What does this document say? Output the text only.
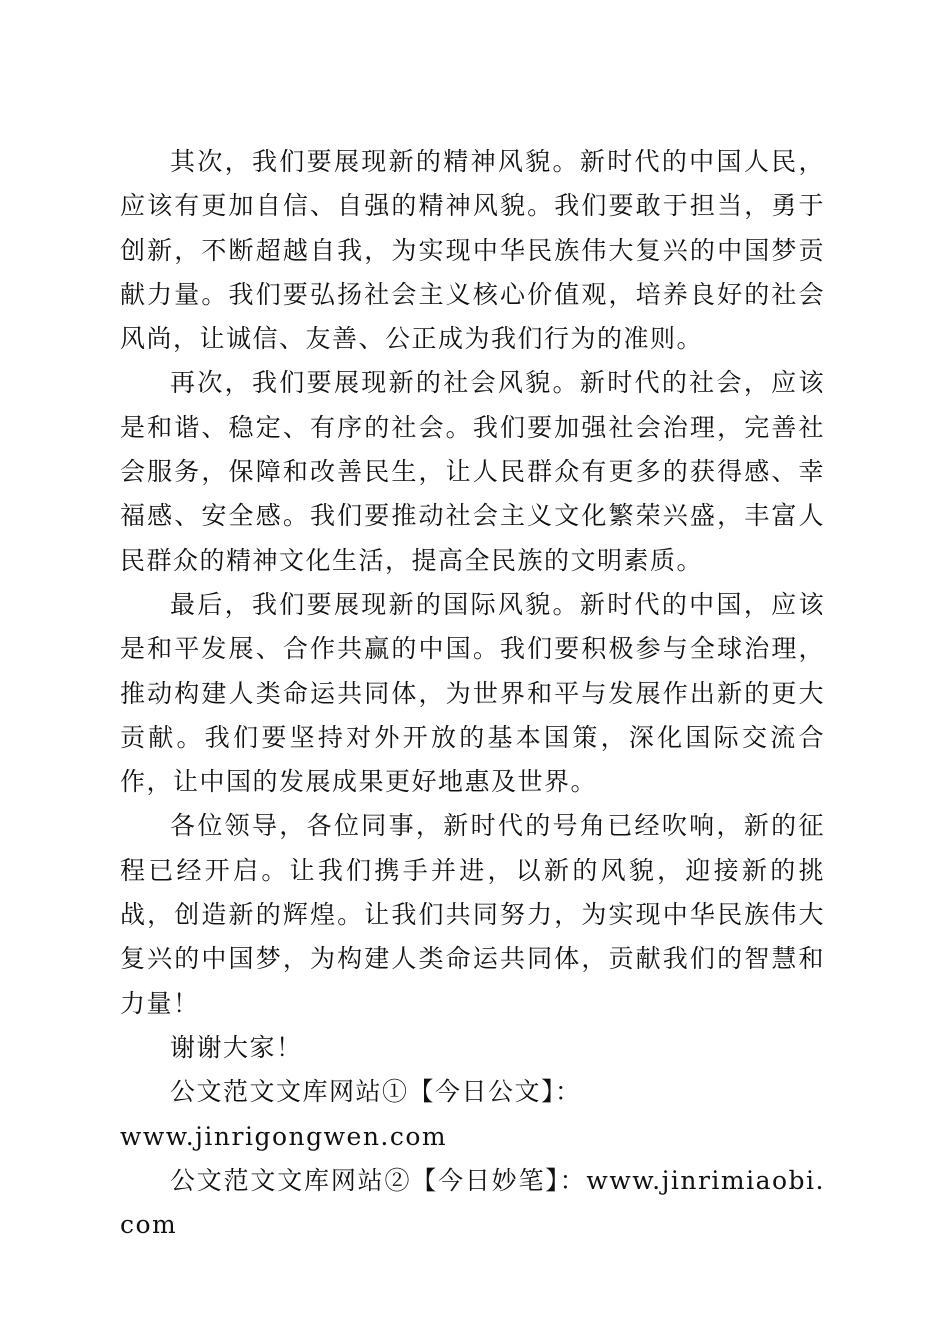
其次，我们要展现新的精神风貌。新时代的中国人民，应该有更加自信、自强的精神风貌。我们要敢于担当，勇于创新，不断超越自我，为实现中华民族伟大复兴的中国梦贡献力量。我们要弘扬社会主义核心价值观，培养良好的社会风尚，让诚信、友善、公正成为我们行为的准则。

再次，我们要展现新的社会风貌。新时代的社会，应该是和谐、稳定、有序的社会。我们要加强社会治理，完善社会服务，保障和改善民生，让人民群众有更多的获得感、幸福感、安全感。我们要推动社会主义文化繁荣兴盛，丰富人民群众的精神文化生活，提高全民族的文明素质。

最后，我们要展现新的国际风貌。新时代的中国，应该是和平发展、合作共赢的中国。我们要积极参与全球治理，推动构建人类命运共同体，为世界和平与发展作出新的更大贡献。我们要坚持对外开放的基本国策，深化国际交流合作，让中国的发展成果更好地惠及世界。

各位领导，各位同事，新时代的号角已经吹响，新的征程已经开启。让我们携手并进，以新的风貌，迎接新的挑战，创造新的辉煌。让我们共同努力，为实现中华民族伟大复兴的中国梦，为构建人类命运共同体，贡献我们的智慧和力量！

谢谢大家！

公文范文文库网站①【今日公文】：
www.jinrigongwen.com

公文范文文库网站②【今日妙笔】：www.jinrimiaobi.com
